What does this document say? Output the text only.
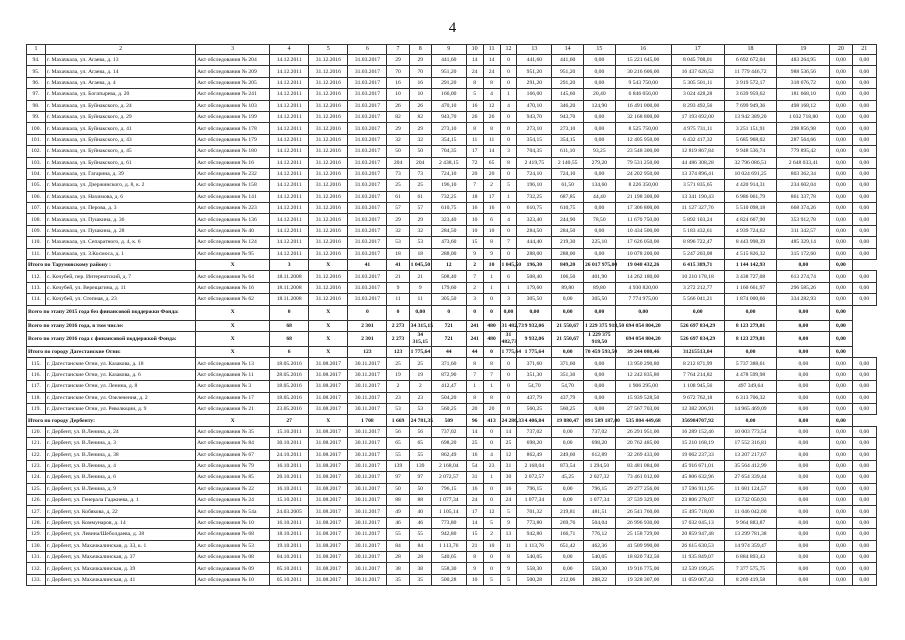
4
1	2	3	4	5	6	7	8	9	10	11	12	13	14	15	16	17	18	19	20	21
94.	г. Махачкала, ул. Агаева, д. 13	Акт обследования № 204	14.12.2011	31.12.2016	31.03.2017	29	29	441,60	14	14	0	441,60	441,60	0,00	15 221 645,00	8 045 708,01	6 692 672,04	483 264,95	0,00	0,00
95.	г. Махачкала, ул. Агаева, д. 14	Акт обследования № 209	14.12.2011	31.12.2016	31.03.2017	70	70	951,20	24	24	0	951,20	951,20	0,00	30 216 606,00	16 437 626,52	11 779 446,72	988 536,56	0,00	0,00
96.	г. Махачкала, ул. Агаева, д. 4	Акт обследования № 205	14.12.2011	31.12.2016	31.03.2017	16	16	291,20	8	8	0	291,20	291,20	0,00	9 543 750,00	5 305 501,11	3 919 572,17	318 676,72	0,00	0,00
97.	г. Махачкала, ул. Богатырева, д. 20	Акт обследования № 241	14.12.2011	31.12.2016	31.03.2017	10	10	166,00	5	4	1	166,00	145,60	20,40	6 846 056,00	3 024 428,28	3 639 959,62	181 668,10	0,00	0,00
98.	г. Махачкала, ул. Буйнакского, д. 24	Акт обследования № 103	14.12.2011	31.12.2016	31.03.2017	26	26	470,10	16	12	4	470,10	346,20	124,90	16 491 000,00	8 293 492,56	7 699 949,36	498 168,12	0,00	0,00
99.	г. Махачкала, ул. Буйнакского, д. 29	Акт обследования № 199	14.12.2011	31.12.2016	31.03.2017	82	82	943,70	26	26	0	943,70	943,70	0,00	32 168 800,00	17 193 692,00	13 942 389,20	1 032 718,80	0,00	0,00
100.	г. Махачкала, ул. Буйнакского, д. 41	Акт обследования № 178	14.12.2011	31.12.2016	31.03.2017	29	29	273,10	8	8	0	273,10	273,10	0,00	8 525 750,00	4 975 731,11	3 251 151,91	298 856,98	0,00	0,00
101.	г. Махачкала, ул. Буйнакского, д. 43	Акт обследования № 179	14.12.2011	31.12.2016	31.03.2017	32	32	354,15	11	11	0	354,15	354,15	0,00	12 405 950,00	6 432 417,32	5 685 968,02	287 564,66	0,00	0,00
102.	г. Махачкала, ул. Буйнакского, д. 45	Акт обследования № 180	14.12.2011	31.12.2016	31.03.2017	50	50	704,35	17	14	3	704,35	611,10	93,25	23 548 300,00	12 819 867,84	9 948 536,74	779 895,42	0,00	0,00
103.	г. Махачкала, ул. Буйнакского, д. 61	Акт обследования № 16	14.12.2011	31.12.2016	31.03.2017	204	204	2 438,15	72	65	8	2 419,75	2 140,55	279,20	79 531 250,00	44 486 308,28	32 796 086,51	2 648 033,41	0,00	0,00
104.	г. Махачкала, ул. Гагарина, д. 39	Акт обследования № 232	14.12.2011	31.12.2016	31.03.2017	73	73	724,10	20	20	0	724,10	724,10	0,00	24 202 950,00	13 374 896,41	10 024 691,25	803 362,34	0,00	0,00
105.	г. Махачкала, ул. Дзержинского, д. 8, к. 2	Акт обследования № 158	14.12.2011	31.12.2016	31.03.2017	25	25	196,10	7	2	5	196,10	61,50	134,60	8 226 350,00	3 571 835,65	4 420 914,31	234 602,04	0,00	0,00
106.	г. Махачкала, ул. Нахимова, д. 6	Акт обследования № 141	14.12.2011	31.12.2016	31.03.2017	61	61	732,25	18	17	1	732,25	687,85	44,40	21 198 300,00	13 341 190,43	6 986 061,79	861 337,78	0,00	0,00
107.	г. Махачкала, ул. Перова, д. 3	Акт обследования № 223	14.12.2011	31.12.2016	31.03.2017	57	57	610,75	16	16	0	610,75	610,75	0,00	17 306 800,00	11 127 327,76	5 510 098,18	668 374,26	0,00	0,00
108.	г. Махачкала, ул. Пушкина, д. 36	Акт обследования № 136	14.12.2011	31.12.2016	31.03.2017	29	29	323,40	10	6	4	323,40	244,90	78,50	11 670 750,00	5 892 103,24	4 824 667,90	353 912,78	0,00	0,00
109.	г. Махачкала, ул. Пушкина, д. 28	Акт обследования № 40	14.12.2011	31.12.2016	31.03.2017	32	32	284,50	10	10	0	284,50	284,50	0,00	10 434 500,00	5 183 432,61	4 939 724,62	311 342,57	0,00	0,00
110.	г. Махачкала, ул. Сепаратного, д. 4, к. 6	Акт обследования № 124	14.12.2011	31.12.2016	31.03.2017	53	53	473,60	15	8	7	444,40	219,30	225,10	17 626 050,00	8 896 722,47	8 443 998,39	485 329,14	0,00	0,00
111.	г. Махачкала, ул. З.Космоса, д. 1	Акт обследования № 95	14.12.2011	31.12.2016	31.03.2017	18	18	288,00	9	9	0	288,00	288,00	0,00	10 078 200,00	5 247 203,08	4 515 826,32	315 172,60	0,00	0,00
Итого по Тарумовскому району :		X	3	X	41	41	1 045,50	12	2	10	1 045,50	196,30	849,20	26 017 975,00	19 048 432,26	6 415 389,71	1 144 142,93	0,00	0,00	
112.	с. Кочубей, пер. Интернатский, д. 7	Акт обследования № 64	18.11.2008	31.12.2016	31.03.2017	21	21	508,40	7	1	6	508,40	106,50	401,90	14 262 180,00	10 210 178,18	3 438 727,08	613 274,74	0,00	0,00
113.	с. Кочубей, ул. Верещагина, д. 11	Акт обследования № 16	18.11.2008	31.12.2016	31.03.2017	9	9	179,60	2	1	1	179,60	89,80	89,80	4 930 820,00	3 272 212,77	1 160 661,97	296 585,26	0,00	0,00
114.	с. Кочубей, ул. Степная, д. 23	Акт обследования № 62	18.11.2008	31.12.2016	31.03.2017	11	11	305,50	3	0	3	305,50	0,00	305,50	7 774 975,00	5 566 041,21	1 874 000,66	334 282,93	0,00	0,00
Всего по этапу 2015 года без финансовой поддержки Фонда:		X	0	X	0	0	0,00	0	0	0	0,00	0,00	0,00	0,00	0,00	0,00	0,00	0,00	0,00	
Всего по этапу 2016 года, в том числе:		X	68	X	2 301	2 273	34 315,15	721	241	480	31 482,73	9 932,06	21 550,67	1 229 375 918,50	694 054 804,20	526 697 834,29	8 123 279,01	0,00	0,00	
Всего по этапу 2016 года с финансовой поддержкой Фонда:		X	68	X	2 301	2 273	34 315,15	721	241	480	31 482,73	9 932,06	21 550,67	1 229 375 918,50	694 054 804,20	526 697 834,29	8 123 279,01	0,00	0,00	
Итого по городу Дагестанские Огни:		X	6	X	123	123	1 775,64	44	44	0	1 775,64	1 775,64	0,00	70 459 593,50	39 244 080,46	31215513,04	0,00	0,00	0,00	
115.	г. Дагестанские Огни, ул. Казакова, д. 18	Акт обследования № 13	18.05.2016	31.08.2017	30.11.2017	25	25	371,60	8	8	0	371,60	371,60	0,00	13 950 290,80	8 212 871,99	5 737 388,61	0,00	0,00	0,00
116.	г. Дагестанские Огни, ул. Казакова, д. 6	Акт обследования № 11	28.05.2016	31.08.2017	30.11.2017	19	19	872,90	7	7	0	351,30	351,30	0,00	12 242 835,80	7 764 214,82	4 478 599,98	0,00	0,00	0,00
117.	г. Дагестанские Огни, ул. Ленина, д. 8	Акт обследования № 3	18.05.2016	31.08.2017	30.11.2017	2	2	412,47	1	1	0	54,70	54,70	0,00	1 906 295,00	1 108 945,56	497 349,64	0,00	0,00	0,00
118.	г. Дагестанские Огни, ул. Озеленения, д. 2	Акт обследования № 17	18.05.2016	31.08.2017	30.11.2017	23	23	504,20	8	8	0	437,79	437,79	0,00	15 939 528,50	9 672 762,18	6 313 706,32	0,00	0,00	0,00
119.	г. Дагестанские Огни, ул. Революции, д. 9	Акт обследования № 21	23.05.2016	31.08.2017	30.11.2017	53	53	560,25	20	20	0	560,25	560,25	0,00	27 567 703,00	12 382 206,91	14 965 469,09	0,00	0,00	0,00
Итого по городу Дербенту:		X	27	X	1 708	1 669	24 781,35	509	96	413	24 286,33	4 406,84	19 880,47	891 589 187,00	535 804 449,68	356984707,92	0,00	0,00	0,00	
120.	г. Дербент, ул. В.Ленина, д. 24	Акт обследования № 35	15.10.2011	31.08.2017	30.11.2017	56	56	737,02	14	0	14	737,02	0,00	737,02	26 291 951,00	16 289 152,46	10 003 773,54	0,00	0,00	0,00
121.	г. Дербент, ул. В.Ленина, д. 3	Акт обследования № 84	30.10.2011	31.08.2017	30.11.2017	65	65	698,20	25	0	25	698,20	0,00	698,20	20 762 485,00	15 210 168,19	17 552 316,81	0,00	0,00	0,00
122.	г. Дербент, ул. В.Ленина, д. 38	Акт обследования № 67	24.10.2011	31.08.2017	30.11.2017	55	55	862,49	16	4	12	862,49	249,60	612,89	32 269 433,00	19 062 237,33	13 207 217,67	0,00	0,00	0,00
123.	г. Дербент, ул. В.Ленина, д. 4	Акт обследования № 79	16.10.2011	31.08.2017	30.11.2017	139	139	2 168,04	54	23	31	2 168,04	873,54	1 294,50	83 481 084,00	45 916 671,01	35 564 412,99	0,00	0,00	0,00
124.	г. Дербент, ул. В.Ленина, д. 6	Акт обследования № 85	20.10.2011	31.08.2017	30.11.2017	97	97	2 072,57	31	1	30	2 072,57	45,25	2 027,32	73 461 012,00	45 806 632,96	27 654 339,44	0,00	0,00	0,00
125.	г. Дербент, ул. В.Ленина, д. 9	Акт обследования № 22	16.10.2011	31.08.2017	30.11.2017	50	50	796,15	16	0	16	796,15	0,00	796,15	29 277 256,00	17 596 911,95	11 681 124,57	0,00	0,00	0,00
126.	г. Дербент, ул. Генерала Гаджиева, д. 1	Акт обследования № 24	15.10.2011	31.08.2017	30.11.2017	88	88	1 077,34	24	0	24	1 077,34	0,00	1 077,34	37 539 329,00	23 806 278,07	13 732 050,93	0,00	0,00	0,00
127.	г. Дербент, ул. Кобякова, д. 22	Акт обследования № 54а	24.03.2005	31.08.2017	30.11.2017	49	40	1 105,14	17	12	5	701,32	219,81	481,51	26 541 760,00	15 495 718,00	11 046 042,00	0,00	0,00	0,00
128.	г. Дербент, ул. Коммунаров, д. 14	Акт обследования № 10	16.10.2011	31.08.2017	30.11.2017	46	46	773,80	14	5	9	773,80	269,76	504,04	26 996 930,00	17 032 045,13	9 964 883,87	0,00	0,00	0,00
129.	г. Дербент, ул. Левина/Шеболдаева, д. 38	Акт обследования № 68	18.10.2011	31.08.2017	30.11.2017	55	55	942,80	15	2	13	942,80	166,71	776,12	25 158 729,00	20 859 947,48	13 299 781,38	0,00	0,00	0,00
130.	г. Дербент, ул. Махачкалинская, д. 33, к. 1	Акт обследования № 53	19.10.2011	31.08.2017	30.11.2017	84	84	1 113,76	21	10	11	1 113,76	651,42	462,36	41 509 990,00	26 615 630,53	14 974 359,47	0,00	0,00	0,00
131.	г. Дербент, ул. Махачкалинская, д. 37	Акт обследования № 08	04.10.2011	31.08.2017	30.11.2017	28	28	540,05	8	0	8	540,05	0,00	540,05	18 820 742,50	11 935 849,07	6 884 893,43	0,00	0,00	0,00
132.	г. Дербент, ул. Махачкалинская, д. 39	Акт обследования № 09	05.10.2011	31.08.2017	30.11.2017	38	38	558,30	9	0	9	558,30	0,00	558,30	19 916 775,00	12 539 199,25	7 377 575,75	0,00	0,00	0,00
133.	г. Дербент, ул. Махачкалинская, д. 41	Акт обследования № 10	05.10.2011	31.08.2017	30.11.2017	35	35	500,28	10	5	5	500,28	212,06	288,22	19 328 307,00	11 059 067,42	8 269 419,58	0,00	0,00	0,00
